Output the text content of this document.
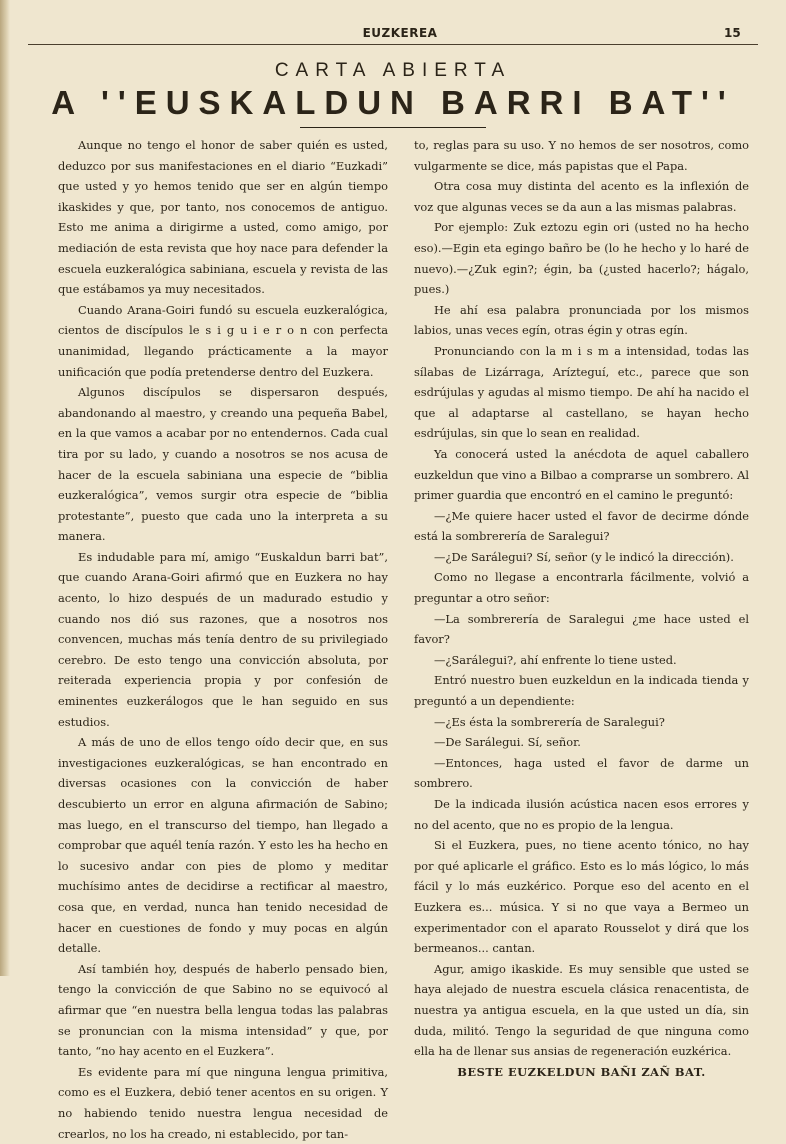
EUZKEREA	15
CARTA ABIERTA
A ''EUSKALDUN BARRI BAT''

Aunque no tengo el honor de saber quién es usted, deduzco por sus manifestaciones en el diario “Euzkadi” que usted y yo hemos tenido que ser en algún tiempo ikaskides y que, por tanto, nos conocemos de antiguo. Esto me anima a dirigirme a usted, como amigo, por mediación de esta revista que hoy nace para defender la escuela euzkeralógica sabiniana, escuela y revista de las que estábamos ya muy necesitados.

Cuando Arana-Goiri fundó su escuela euzkeralógica, cientos de discípulos le s i g u i e r o n con perfecta unanimidad, llegando prácticamente a la mayor unificación que podía pretenderse dentro del Euzkera.

Algunos discípulos se dispersaron después, abandonando al maestro, y creando una pequeña Babel, en la que vamos a acabar por no entendernos. Cada cual tira por su lado, y cuando a nosotros se nos acusa de hacer de la escuela sabiniana una especie de “biblia euzkeralógica”, vemos surgir otra especie de “biblia protestante”, puesto que cada uno la interpreta a su manera.

Es indudable para mí, amigo “Euskaldun barri bat”, que cuando Arana-Goiri afirmó que en Euzkera no hay acento, lo hizo después de un madurado estudio y cuando nos dió sus razones, que a nosotros nos convencen, muchas más tenía dentro de su privilegiado cerebro. De esto tengo una convicción absoluta, por reiterada experiencia propia y por confesión de eminentes euzkerálogos que le han seguido en sus estudios.

A más de uno de ellos tengo oído decir que, en sus investigaciones euzkeralógicas, se han encontrado en diversas ocasiones con la convicción de haber descubierto un error en alguna afirmación de Sabino; mas luego, en el transcurso del tiempo, han llegado a comprobar que aquél tenía razón. Y esto les ha hecho en lo sucesivo andar con pies de plomo y meditar muchísimo antes de decidirse a rectificar al maestro, cosa que, en verdad, nunca han tenido necesidad de hacer en cuestiones de fondo y muy pocas en algún detalle.

Así también hoy, después de haberlo pensado bien, tengo la convicción de que Sabino no se equivocó al afirmar que “en nuestra bella lengua todas las palabras se pronuncian con la misma intensidad” y que, por tanto, “no hay acento en el Euzkera”.

Es evidente para mí que ninguna lengua primitiva, como es el Euzkera, debió tener acentos en su origen. Y no habiendo tenido nuestra lengua necesidad de crearlos, no los ha creado, ni establecido, por tan-

to, reglas para su uso. Y no hemos de ser nosotros, como vulgarmente se dice, más papistas que el Papa.

Otra cosa muy distinta del acento es la inflexión de voz que algunas veces se da aun a las mismas palabras.

Por ejemplo: Zuk eztozu egin ori (usted no ha hecho eso).—Egin eta egingo bañro be (lo he hecho y lo haré de nuevo).—¿Zuk egin?; égin, ba (¿usted hacerlo?; hágalo, pues.)

He ahí esa palabra pronunciada por los mismos labios, unas veces egín, otras égin y otras egín.

Pronunciando con la m i s m a intensidad, todas las sílabas de Lizárraga, Arízteguí, etc., parece que son esdrújulas y agudas al mismo tiempo. De ahí ha nacido el que al adaptarse al castellano, se hayan hecho esdrújulas, sin que lo sean en realidad.

Ya conocerá usted la anécdota de aquel caballero euzkeldun que vino a Bilbao a comprarse un sombrero. Al primer guardia que encontró en el camino le preguntó:

—¿Me quiere hacer usted el favor de decirme dónde está la sombrerería de Saralegui?

—¿De Sarálegui? Sí, señor (y le indicó la dirección).

Como no llegase a encontrarla fácilmente, volvió a preguntar a otro señor:

—La sombrerería de Saralegui ¿me hace usted el favor?

—¿Sarálegui?, ahí enfrente lo tiene usted.

Entró nuestro buen euzkeldun en la indicada tienda y preguntó a un dependiente:

—¿Es ésta la sombrerería de Saralegui?

—De Sarálegui. Sí, señor.

—Entonces, haga usted el favor de darme un sombrero.

De la indicada ilusión acústica nacen esos errores y no del acento, que no es propio de la lengua.

Si el Euzkera, pues, no tiene acento tónico, no hay por qué aplicarle el gráfico. Esto es lo más lógico, lo más fácil y lo más euzkérico. Porque eso del acento en el Euzkera es... música. Y si no que vaya a Bermeo un experimentador con el aparato Rousselot y dirá que los bermeanos... cantan.

Agur, amigo ikaskide. Es muy sensible que usted se haya alejado de nuestra escuela clásica renacentista, de nuestra ya antigua escuela, en la que usted un día, sin duda, militó. Tengo la seguridad de que ninguna como ella ha de llenar sus ansias de regeneración euzkérica.

BESTE EUZKELDUN BAÑI ZAÑ BAT.
